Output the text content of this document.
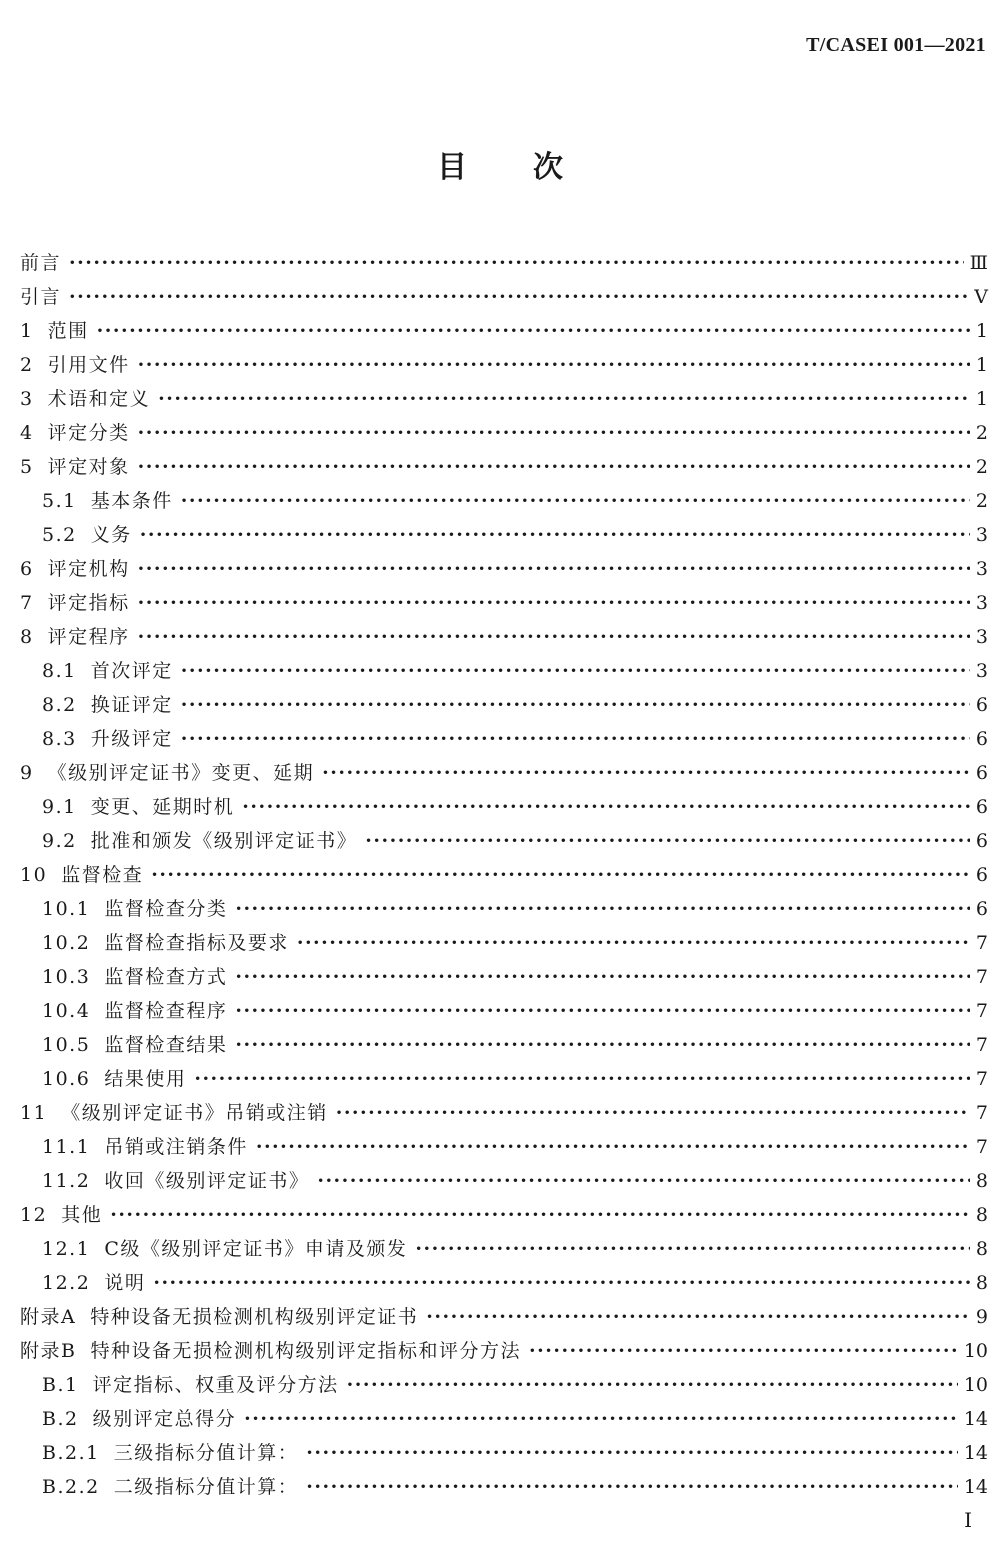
T/CASEI 001—2021
目 次
前言 ·····	Ⅲ
引言 ·····	Ⅴ
1 范围 ·····	1
2 引用文件 ·····	1
3 术语和定义 ·····	1
4 评定分类 ·····	2
5 评定对象 ·····	2
5.1 基本条件 ·····	2
5.2 义务 ·····	3
6 评定机构 ·····	3
7 评定指标 ·····	3
8 评定程序 ·····	3
8.1 首次评定 ·····	3
8.2 换证评定 ·····	6
8.3 升级评定 ·····	6
9 《级别评定证书》变更、延期 ·····	6
9.1 变更、延期时机 ·····	6
9.2 批准和颁发《级别评定证书》 ·····	6
10 监督检查 ·····	6
10.1 监督检查分类 ·····	6
10.2 监督检查指标及要求 ·····	7
10.3 监督检查方式 ·····	7
10.4 监督检查程序 ·····	7
10.5 监督检查结果 ·····	7
10.6 结果使用 ·····	7
11 《级别评定证书》吊销或注销 ·····	7
11.1 吊销或注销条件 ·····	7
11.2 收回《级别评定证书》 ·····	8
12 其他 ·····	8
12.1 C级《级别评定证书》申请及颁发 ·····	8
12.2 说明 ·····	8
附录A 特种设备无损检测机构级别评定证书 ·····	9
附录B 特种设备无损检测机构级别评定指标和评分方法 ·····	10
B.1 评定指标、权重及评分方法 ·····	10
B.2 级别评定总得分 ·····	14
B.2.1 三级指标分值计算： ·····	14
B.2.2 二级指标分值计算： ·····	14
Ⅰ
